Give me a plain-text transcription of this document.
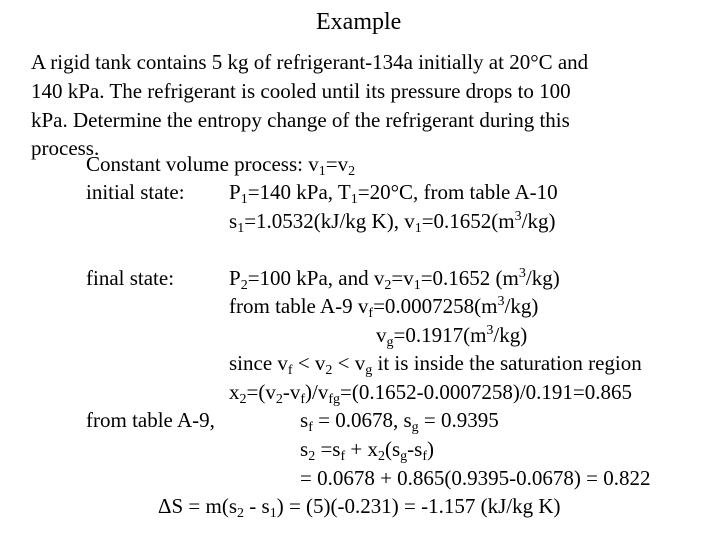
Example
A rigid tank contains 5 kg of refrigerant-134a initially at 20°C and
140 kPa. The refrigerant is cooled until its pressure drops to 100
kPa. Determine the entropy change of the refrigerant during this
process.
Constant volume process: $v_1=v_2$
initial state: $P_1=140$ kPa, $T_1=20^\circ C$, from table A-10
$s_1=1.0532(kJ/kg$ K), $v_1=0.1652(m^3/kg)$
final state:	$P_2=100$ kPa, and $v_2=v_1=0.1652$ $(m^3/kg)$
from table A-9 $v_f=0.0007258(m^3/kg)$
$v_g=0.1917(m^3/kg)$
since $v_f < v_2 < v_g$ it is inside the saturation region
$x_2=(v_2-v_f)/v_{fg}=(0.1652-0.0007258)/0.191=0.865$
from table A-9,	$s_f = 0.0678$, $s_g = 0.9395$
$s_2 =s_f + x_2(s_g-s_f)$
= 0.0678 + 0.865(0.9395-0.0678) = 0.822
$\Delta S = m(s_2 - s_1) = (5)(-0.231) = -1.157$ (kJ/kg K)
